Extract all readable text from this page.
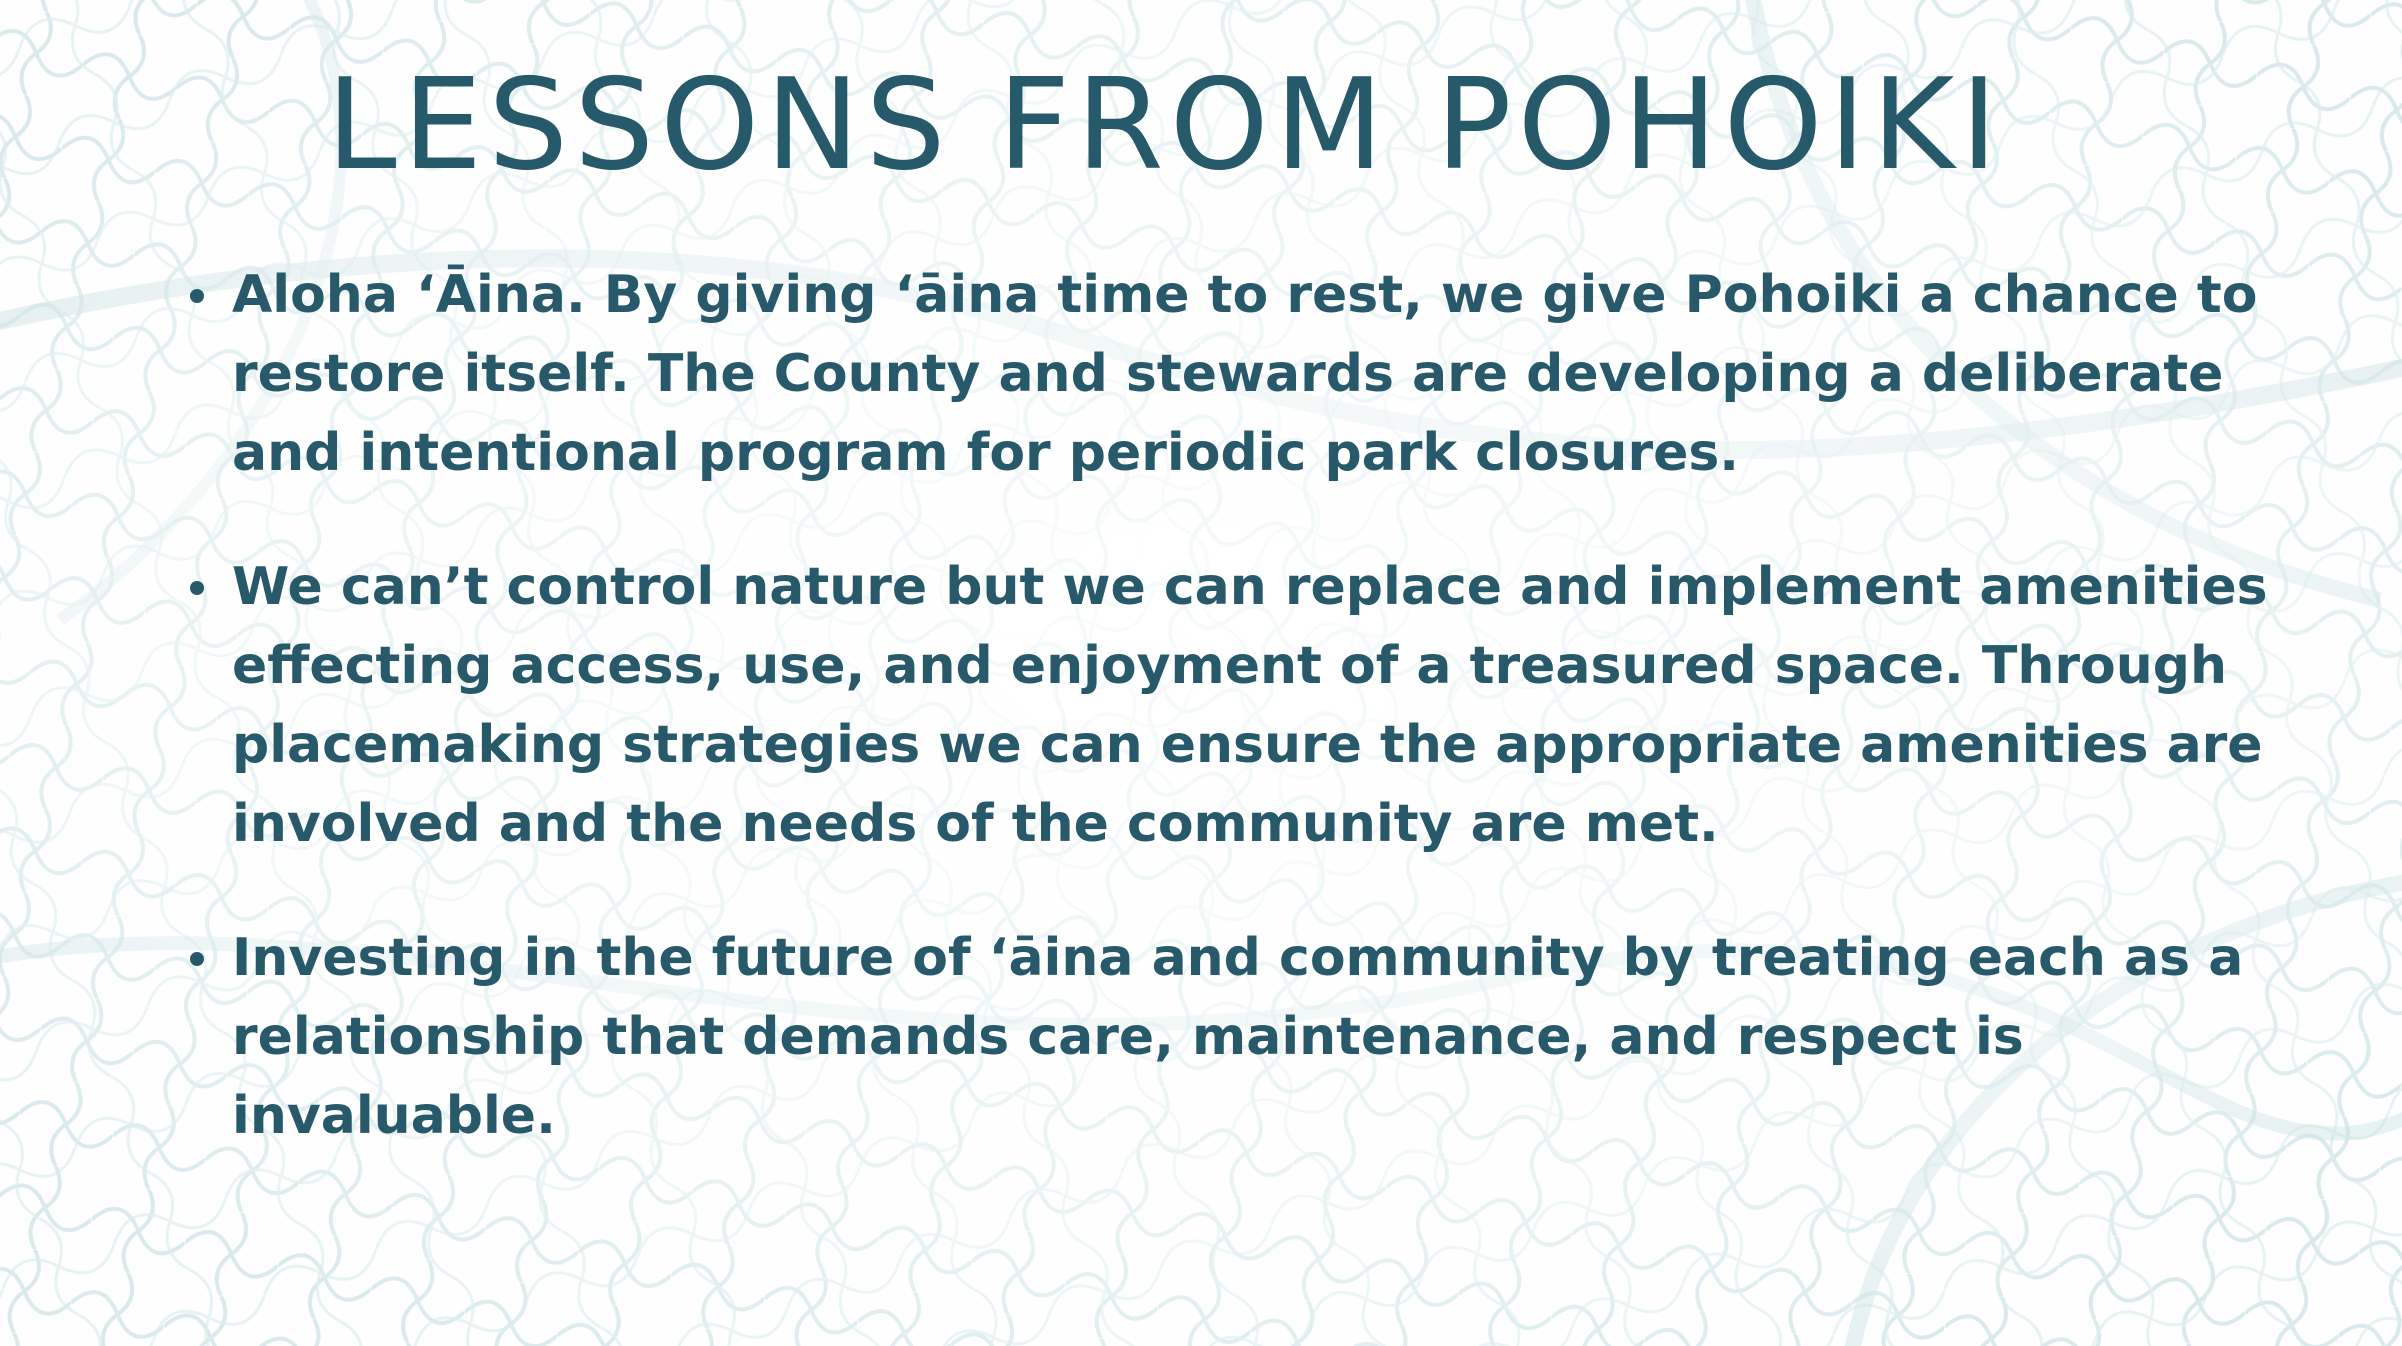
LESSONS FROM POHOIKI
Aloha ʻĀina. By giving ʻāina time to rest, we give Pohoiki a chance to restore itself. The County and stewards are developing a deliberate and intentional program for periodic park closures.
We can’t control nature but we can replace and implement amenities effecting access, use, and enjoyment of a treasured space. Through placemaking strategies we can ensure the appropriate amenities are involved and the needs of the community are met.
Investing in the future of ʻāina and community by treating each as a relationship that demands care, maintenance, and respect is invaluable.
